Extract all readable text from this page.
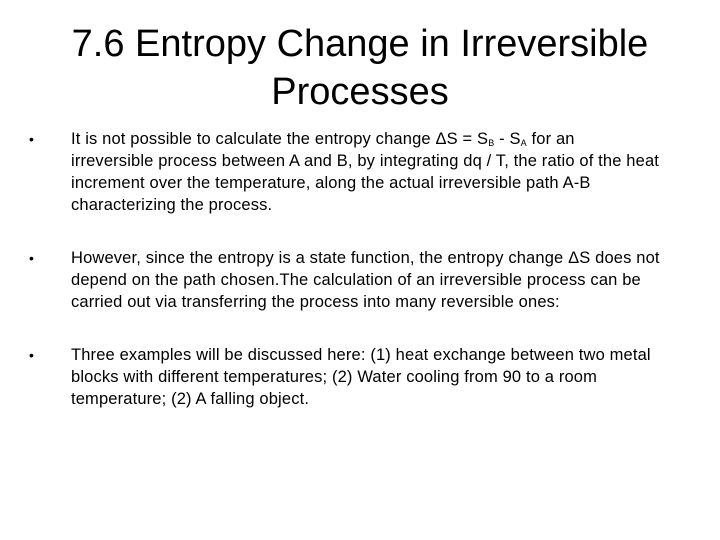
7.6 Entropy Change in Irreversible
Processes
• It is not possible to calculate the entropy change $\Delta S = S_B - S_A$ for an irreversible process between A and B, by integrating dq / T, the ratio of the heat increment over the temperature, along the actual irreversible path A-B characterizing the process.
• However, since the entropy is a state function, the entropy change ΔS does not depend on the path chosen.The calculation of an irreversible process can be carried out via transferring the process into many reversible ones:
• Three examples will be discussed here: (1) heat exchange between two metal blocks with different temperatures; (2) Water cooling from 90 to a room temperature; (2) A falling object.
